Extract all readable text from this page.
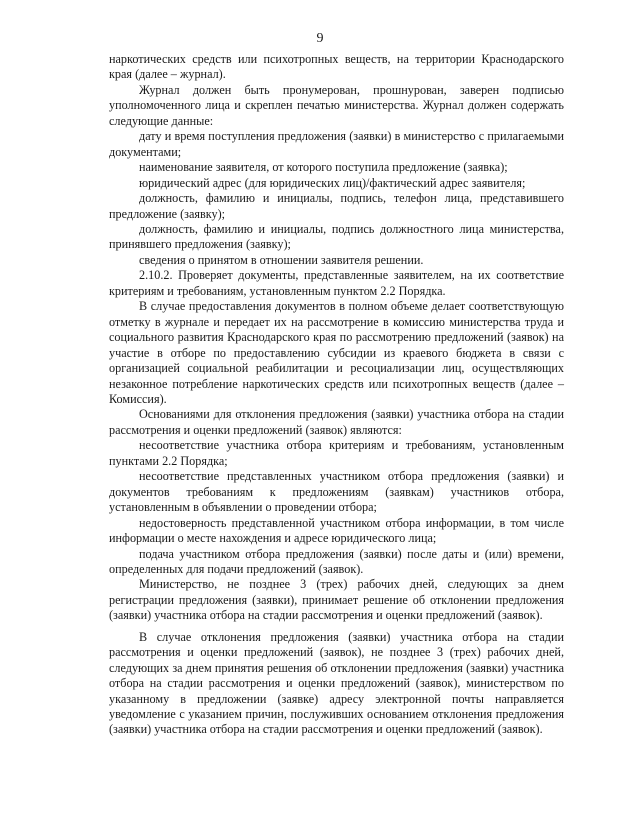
9

наркотических средств или психотропных веществ, на территории Краснодарского края (далее – журнал).

Журнал должен быть пронумерован, прошнурован, заверен подписью уполномоченного лица и скреплен печатью министерства. Журнал должен содержать следующие данные:

дату и время поступления предложения (заявки) в министерство с прилагаемыми документами;

наименование заявителя, от которого поступила предложение (заявка);

юридический адрес (для юридических лиц)/фактический адрес заявителя;

должность, фамилию и инициалы, подпись, телефон лица, представившего предложение (заявку);

должность, фамилию и инициалы, подпись должностного лица министерства, принявшего предложения (заявку);

сведения о принятом в отношении заявителя решении.

2.10.2. Проверяет документы, представленные заявителем, на их соответствие критериям и требованиям, установленным пунктом 2.2 Порядка.

В случае предоставления документов в полном объеме делает соответствующую отметку в журнале и передает их на рассмотрение в комиссию министерства труда и социального развития Краснодарского края по рассмотрению предложений (заявок) на участие в отборе по предоставлению субсидии из краевого бюджета в связи с организацией социальной реабилитации и ресоциализации лиц, осуществляющих незаконное потребление наркотических средств или психотропных веществ (далее – Комиссия).

Основаниями для отклонения предложения (заявки) участника отбора на стадии рассмотрения и оценки предложений (заявок) являются:

несоответствие участника отбора критериям и требованиям, установленным пунктами 2.2 Порядка;

несоответствие представленных участником отбора предложения (заявки) и документов требованиям к предложениям (заявкам) участников отбора, установленным в объявлении о проведении отбора;

недостоверность представленной участником отбора информации, в том числе информации о месте нахождения и адресе юридического лица;

подача участником отбора предложения (заявки) после даты и (или) времени, определенных для подачи предложений (заявок).

Министерство, не позднее 3 (трех) рабочих дней, следующих за днем регистрации предложения (заявки), принимает решение об отклонении предложения (заявки) участника отбора на стадии рассмотрения и оценки предложений (заявок).

В случае отклонения предложения (заявки) участника отбора на стадии рассмотрения и оценки предложений (заявок), не позднее 3 (трех) рабочих дней, следующих за днем принятия решения об отклонении предложения (заявки) участника отбора на стадии рассмотрения и оценки предложений (заявок), министерством по указанному в предложении (заявке) адресу электронной почты направляется уведомление с указанием причин, послуживших основанием отклонения предложения (заявки) участника отбора на стадии рассмотрения и оценки предложений (заявок).
